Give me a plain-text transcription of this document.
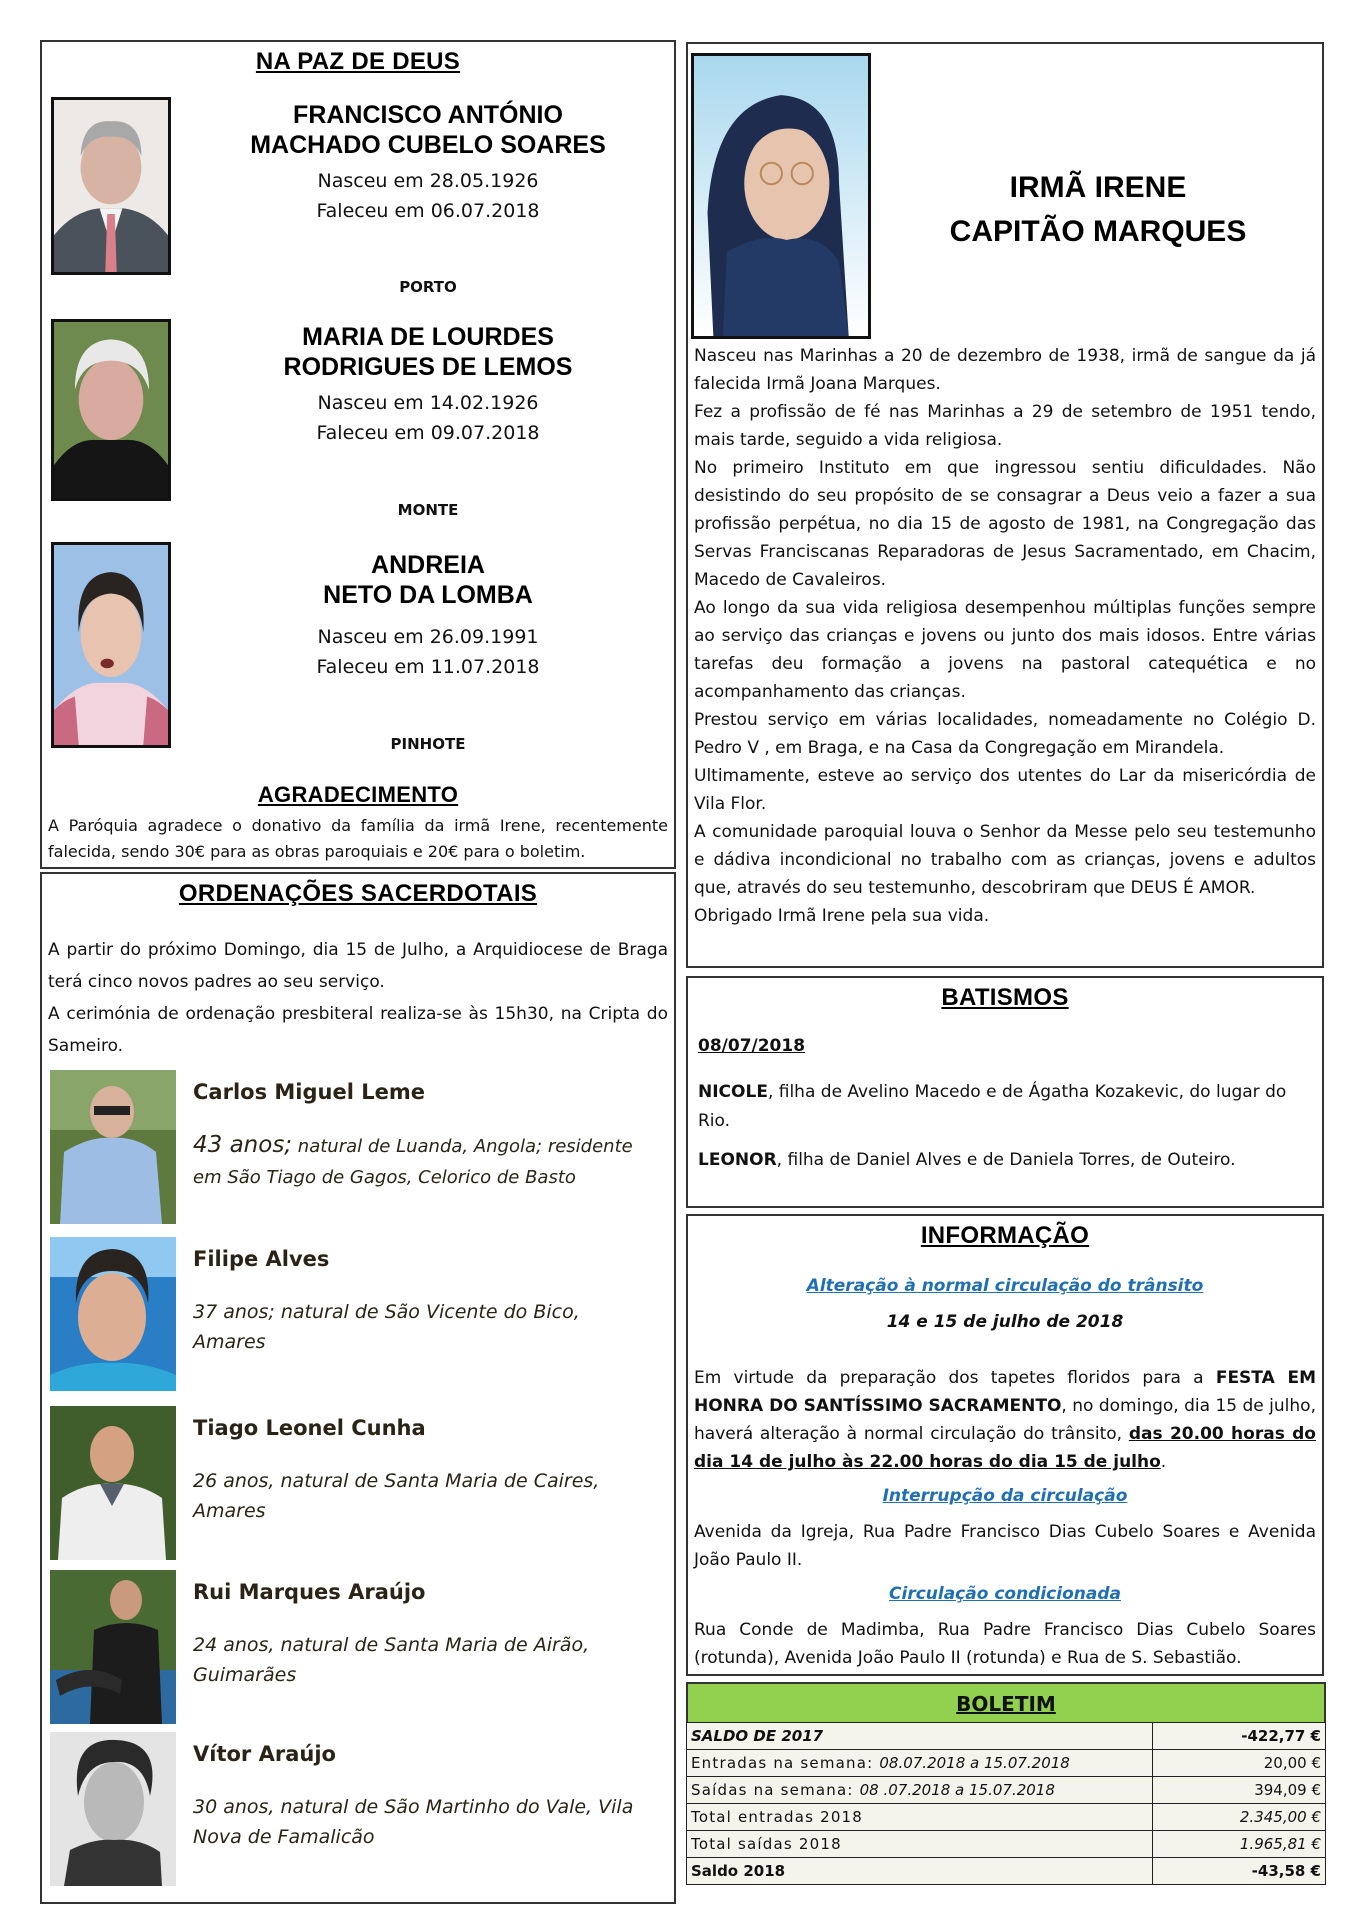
NA PAZ DE DEUS
FRANCISCO ANTÓNIO
MACHADO CUBELO SOARES
Nasceu em 28.05.1926
Faleceu em 06.07.2018
PORTO
MARIA DE LOURDES
RODRIGUES DE LEMOS
Nasceu em 14.02.1926
Faleceu em 09.07.2018
MONTE
ANDREIA
NETO DA LOMBA
Nasceu em 26.09.1991
Faleceu em 11.07.2018
PINHOTE
AGRADECIMENTO

A Paróquia agradece o donativo da família da irmã Irene, recentemente falecida, sendo 30€ para as obras paroquiais e 20€ para o boletim.

ORDENAÇÕES SACERDOTAIS

A partir do próximo Domingo, dia 15 de Julho, a Arquidiocese de Braga terá cinco novos padres ao seu serviço.

A cerimónia de ordenação presbiteral realiza-se às 15h30, na Cripta do Sameiro.

Carlos Miguel Leme
43 anos; natural de Luanda, Angola; residente em São Tiago de Gagos, Celorico de Basto
Filipe Alves
37 anos; natural de São Vicente do Bico, Amares
Tiago Leonel Cunha
26 anos, natural de Santa Maria de Caires, Amares
Rui Marques Araújo
24 anos, natural de Santa Maria de Airão, Guimarães
Vítor Araújo
30 anos, natural de São Martinho do Vale, Vila Nova de Famalicão
IRMÃ IRENE
CAPITÃO MARQUES

Nasceu nas Marinhas a 20 de dezembro de 1938, irmã de sangue da já falecida Irmã Joana Marques.

Fez a profissão de fé nas Marinhas a 29 de setembro de 1951 tendo, mais tarde, seguido a vida religiosa.

No primeiro Instituto em que ingressou sentiu dificuldades. Não desistindo do seu propósito de se consagrar a Deus veio a fazer a sua profissão perpétua, no dia 15 de agosto de 1981, na Congregação das Servas Franciscanas Reparadoras de Jesus Sacramentado, em Chacim, Macedo de Cavaleiros.

Ao longo da sua vida religiosa desempenhou múltiplas funções sempre ao serviço das crianças e jovens ou junto dos mais idosos. Entre várias tarefas deu formação a jovens na pastoral catequética e no acompanhamento das crianças.

Prestou serviço em várias localidades, nomeadamente no Colégio D. Pedro V , em Braga, e na Casa da Congregação em Mirandela.

Ultimamente, esteve ao serviço dos utentes do Lar da misericórdia de Vila Flor.

A comunidade paroquial louva o Senhor da Messe pelo seu testemunho e dádiva incondicional no trabalho com as crianças, jovens e adultos que, através do seu testemunho, descobriram que DEUS É AMOR.

Obrigado Irmã Irene pela sua vida.

BATISMOS
08/07/2018

NICOLE, filha de Avelino Macedo e de Ágatha Kozakevic, do lugar do Rio.

LEONOR, filha de Daniel Alves e de Daniela Torres, de Outeiro.

INFORMAÇÃO
Alteração à normal circulação do trânsito
14 e 15 de julho de 2018

Em virtude da preparação dos tapetes floridos para a FESTA EM HONRA DO SANTÍSSIMO SACRAMENTO, no domingo, dia 15 de julho, haverá alteração à normal circulação do trânsito, das 20.00 horas do dia 14 de julho às 22.00 horas do dia 15 de julho.

Interrupção da circulação

Avenida da Igreja, Rua Padre Francisco Dias Cubelo Soares e Avenida João Paulo II.

Circulação condicionada

Rua Conde de Madimba, Rua Padre Francisco Dias Cubelo Soares (rotunda), Avenida João Paulo II (rotunda) e Rua de S. Sebastião.

BOLETIM
SALDO DE 2017	-422,77 €
Entradas na semana: 08.07.2018 a 15.07.2018	20,00 €
Saídas na semana: 08 .07.2018 a 15.07.2018	394,09 €
Total entradas 2018	2.345,00 €
Total saídas 2018	1.965,81 €
Saldo 2018	-43,58 €
